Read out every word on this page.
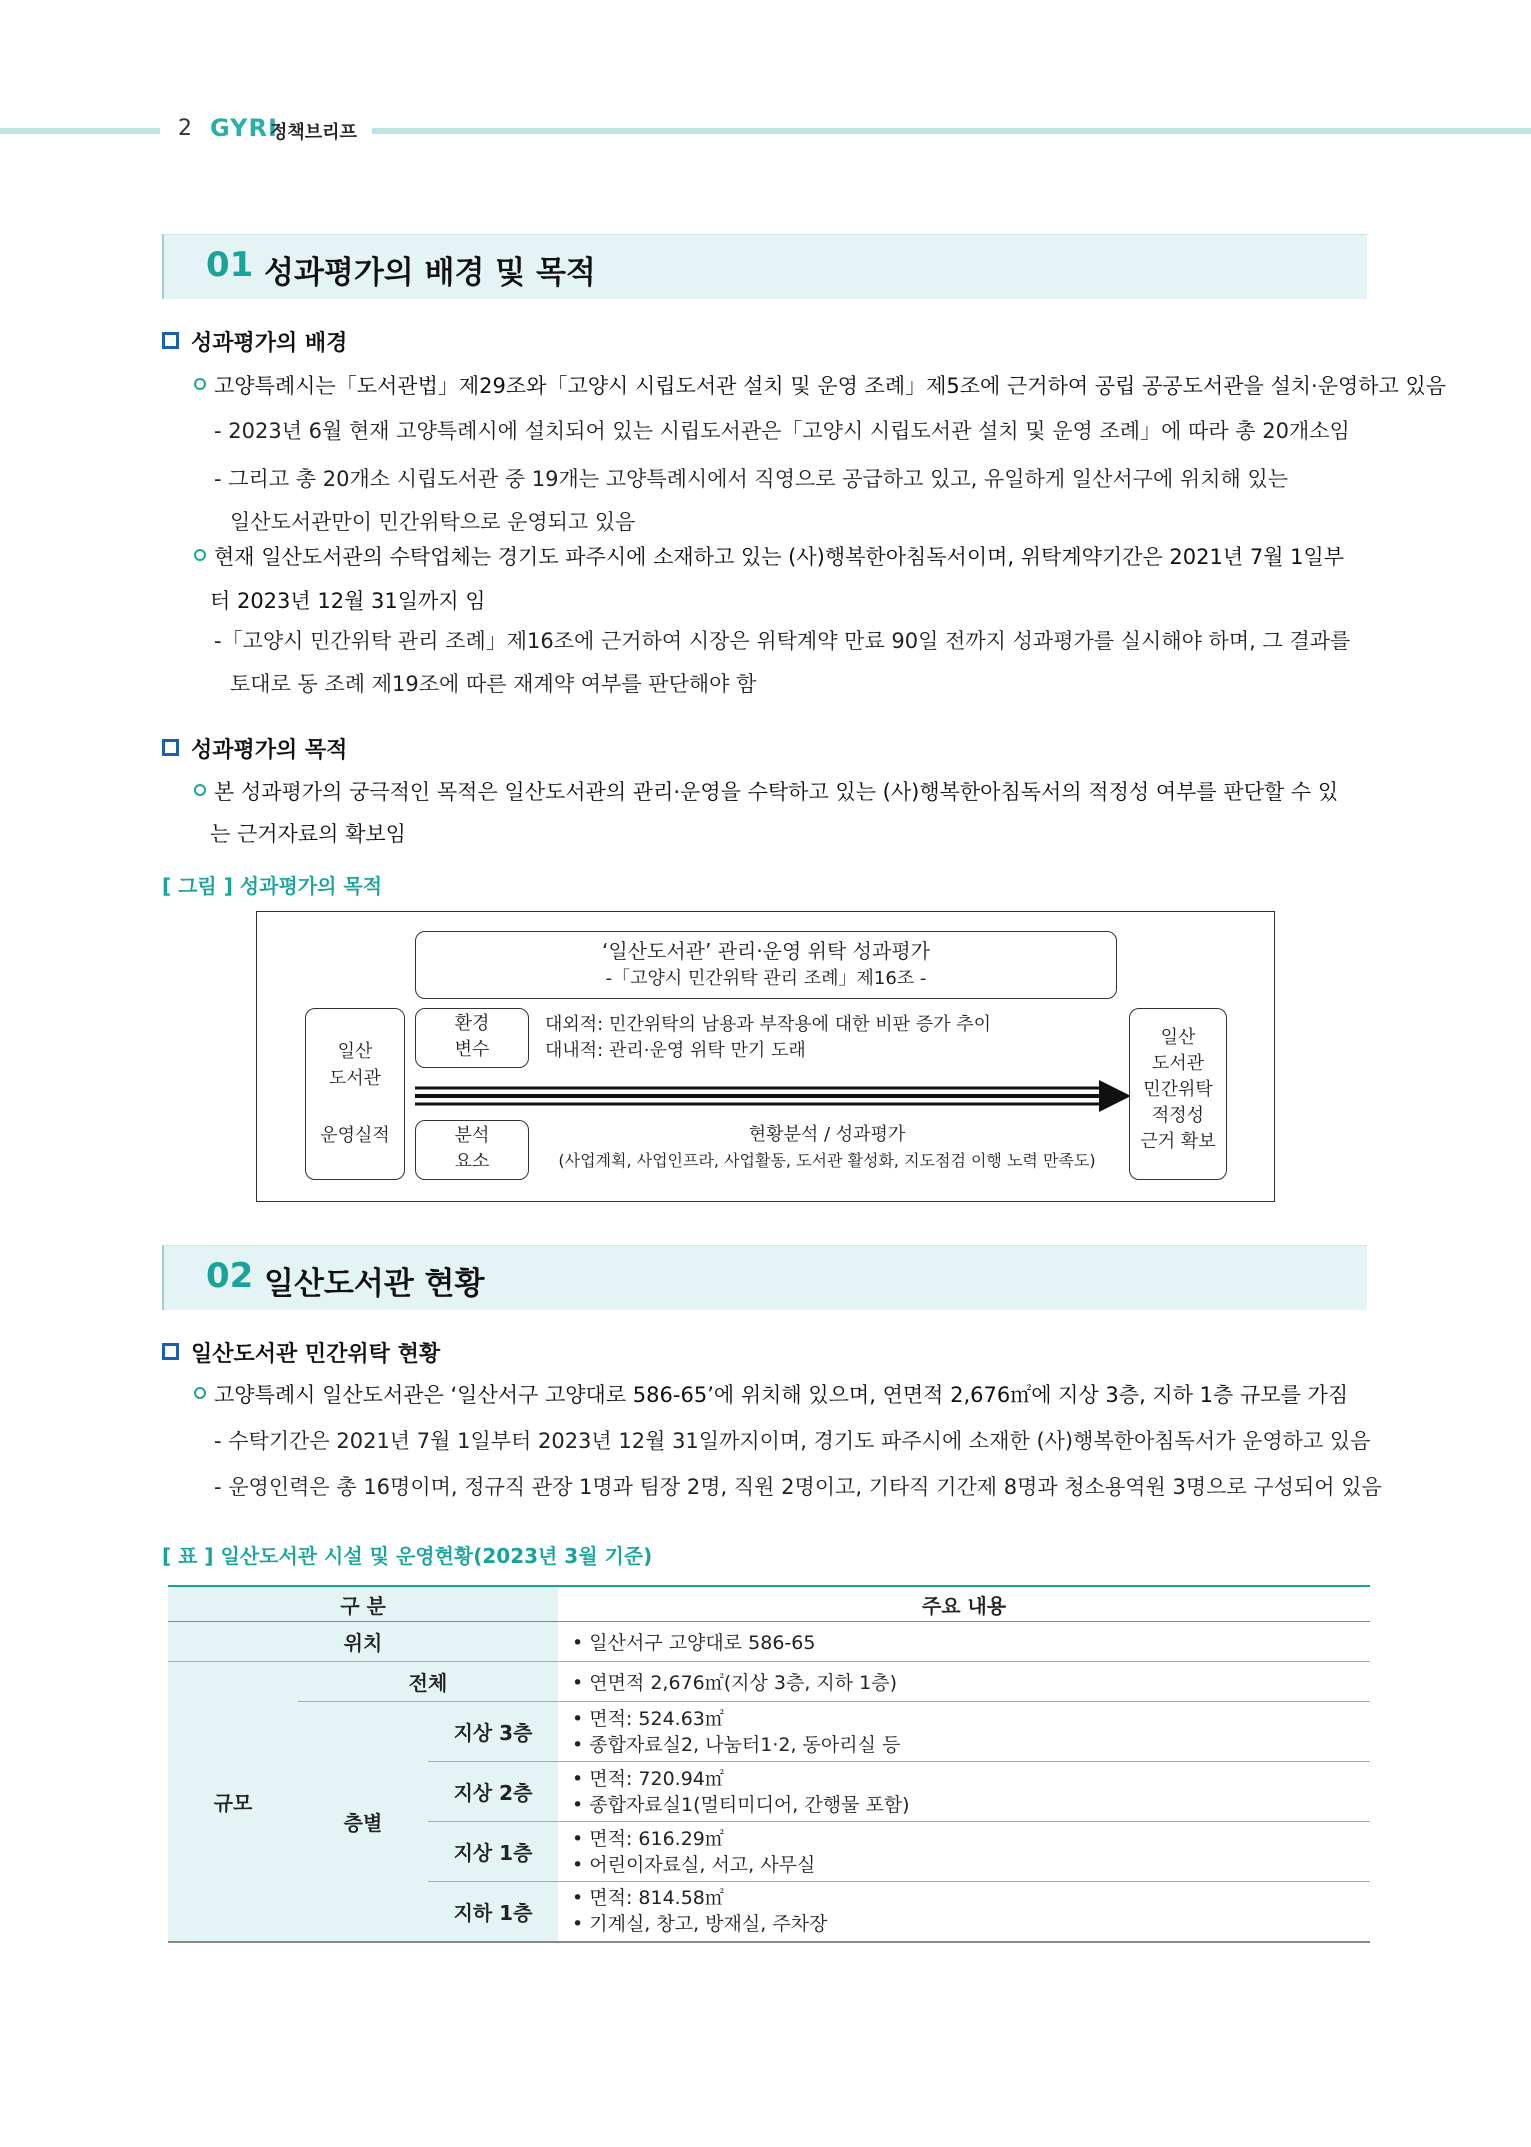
2 GYRI
정책브리프
01 성과평가의 배경 및 목적
성과평가의 배경
고양특례시는「도서관법」제29조와「고양시 시립도서관 설치 및 운영 조례」제5조에 근거하여 공립 공공도서관을 설치·운영하고 있음
- 2023년 6월 현재 고양특례시에 설치되어 있는 시립도서관은「고양시 시립도서관 설치 및 운영 조례」에 따라 총 20개소임
- 그리고 총 20개소 시립도서관 중 19개는 고양특례시에서 직영으로 공급하고 있고, 유일하게 일산서구에 위치해 있는
일산도서관만이 민간위탁으로 운영되고 있음
현재 일산도서관의 수탁업체는 경기도 파주시에 소재하고 있는 (사)행복한아침독서이며, 위탁계약기간은 2021년 7월 1일부
터 2023년 12월 31일까지 임
-「고양시 민간위탁 관리 조례」제16조에 근거하여 시장은 위탁계약 만료 90일 전까지 성과평가를 실시해야 하며, 그 결과를
토대로 동 조례 제19조에 따른 재계약 여부를 판단해야 함
성과평가의 목적
본 성과평가의 궁극적인 목적은 일산도서관의 관리·운영을 수탁하고 있는 (사)행복한아침독서의 적정성 여부를 판단할 수 있
는 근거자료의 확보임
[ 그림 ] 성과평가의 목적
‘일산도서관’ 관리·운영 위탁 성과평가
-「고양시 민간위탁 관리 조례」제16조 -
일산
도서관
운영실적
환경
변수
대외적: 민간위탁의 남용과 부작용에 대한 비판 증가 추이
대내적: 관리·운영 위탁 만기 도래
분석
요소
현황분석 / 성과평가
(사업계획, 사업인프라, 사업활동, 도서관 활성화, 지도점검 이행 노력 만족도)
일산
도서관
민간위탁
적정성
근거 확보
02 일산도서관 현황
일산도서관 민간위탁 현황
고양특례시 일산도서관은 ‘일산서구 고양대로 586-65’에 위치해 있으며, 연면적 2,676㎡에 지상 3층, 지하 1층 규모를 가짐
- 수탁기간은 2021년 7월 1일부터 2023년 12월 31일까지이며, 경기도 파주시에 소재한 (사)행복한아침독서가 운영하고 있음
- 운영인력은 총 16명이며, 정규직 관장 1명과 팀장 2명, 직원 2명이고, 기타직 기간제 8명과 청소용역원 3명으로 구성되어 있음
[ 표 ] 일산도서관 시설 및 운영현황(2023년 3월 기준)
구 분			주요 내용
위치			• 일산서구 고양대로 586-65
규모	전체		• 연면적 2,676㎡(지상 3층, 지하 1층)
	층별	지상 3층	• 면적: 524.63㎡
• 종합자료실2, 나눔터1·2, 동아리실 등

		지상 2층	• 면적: 720.94㎡
• 종합자료실1(멀티미디어, 간행물 포함)

		지상 1층	• 면적: 616.29㎡
• 어린이자료실, 서고, 사무실

		지하 1층	• 면적: 814.58㎡
• 기계실, 창고, 방재실, 주차장
